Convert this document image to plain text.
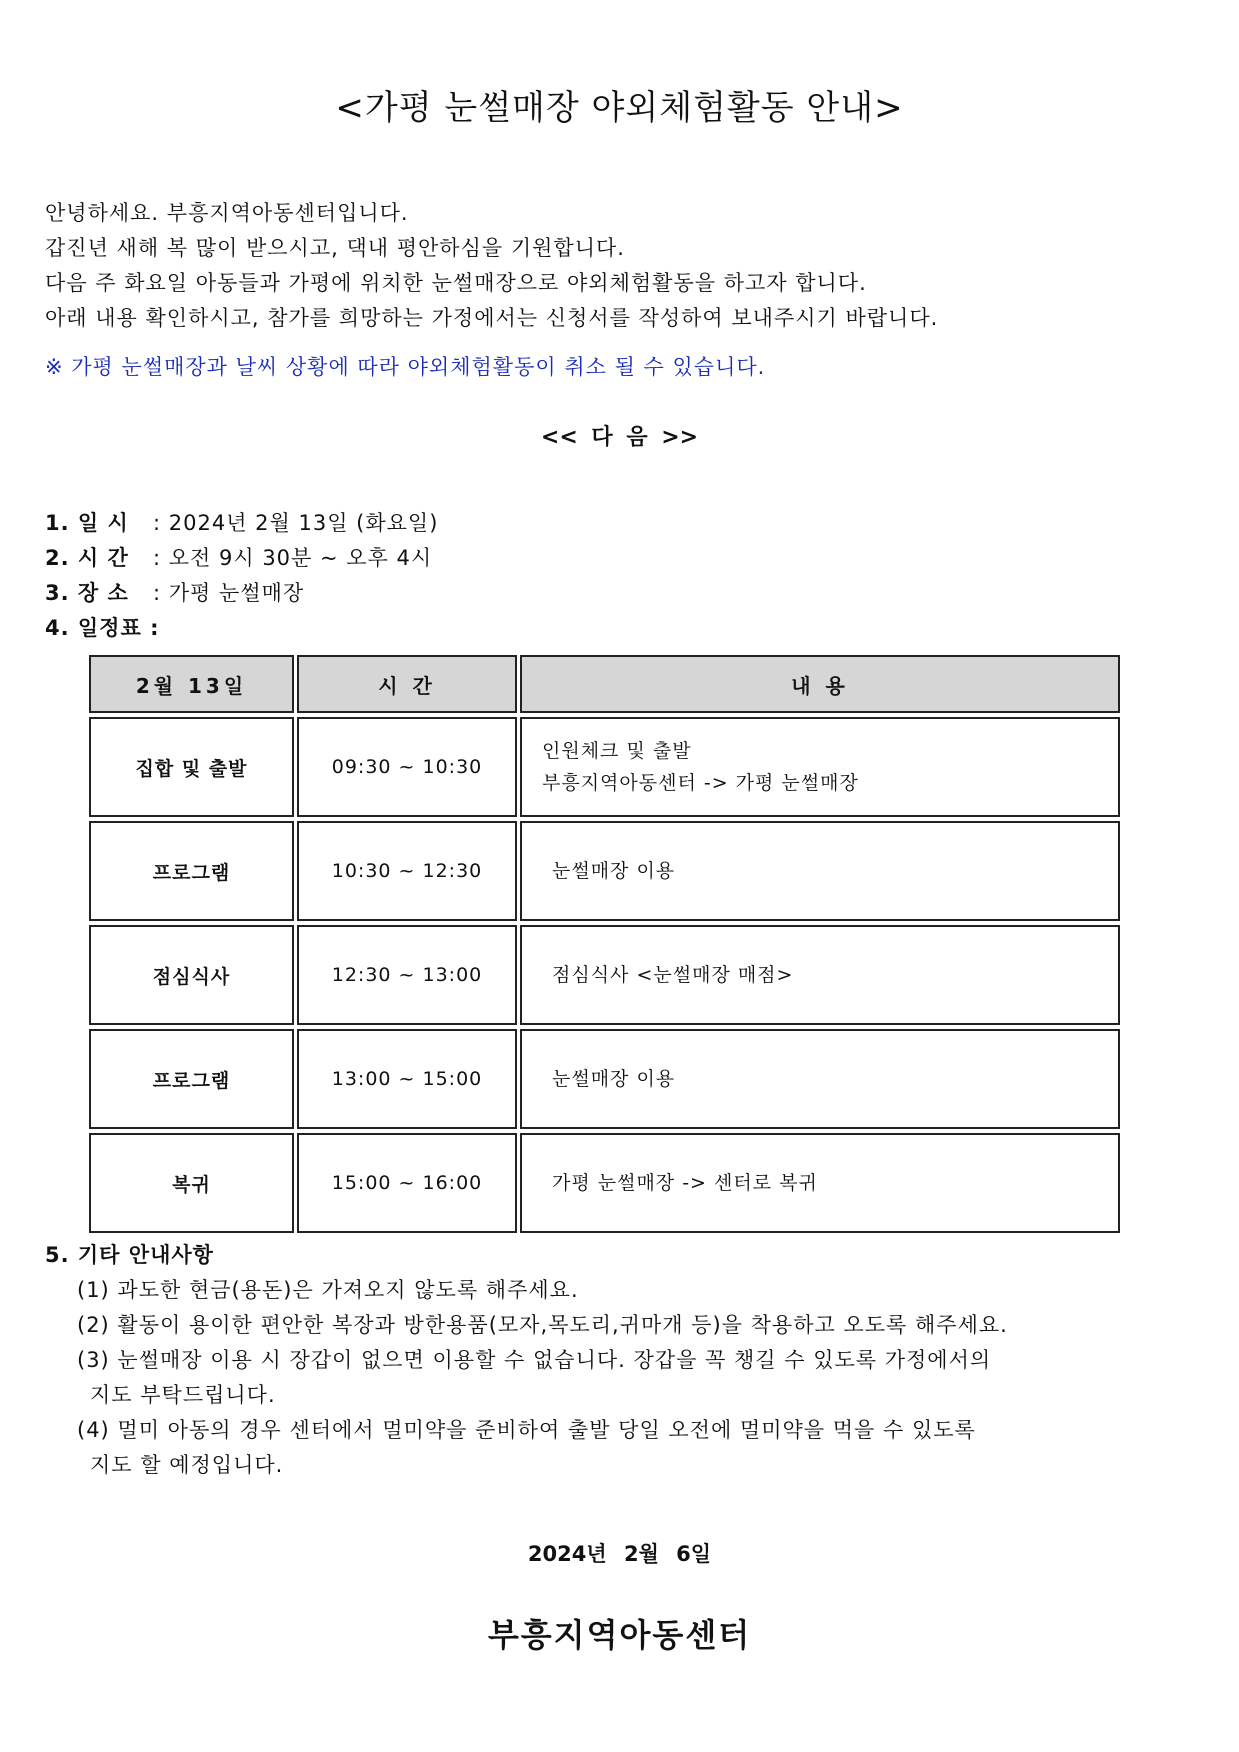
<가평 눈썰매장 야외체험활동 안내>
안녕하세요. 부흥지역아동센터입니다.
갑진년 새해 복 많이 받으시고, 댁내 평안하심을 기원합니다.
다음 주 화요일 아동들과 가평에 위치한 눈썰매장으로 야외체험활동을 하고자 합니다.
아래 내용 확인하시고, 참가를 희망하는 가정에서는 신청서를 작성하여 보내주시기 바랍니다.
※ 가평 눈썰매장과 날씨 상황에 따라 야외체험활동이 취소 될 수 있습니다.
<< 다 음 >>
1. 일 시 : 2024년 2월 13일 (화요일)
2. 시 간 : 오전 9시 30분 ~ 오후 4시
3. 장 소 : 가평 눈썰매장
4. 일정표 :
2월 13일	시 간	내 용

집합 및 출발	09:30 ~ 10:30	인원체크 및 출발
부흥지역아동센터 -> 가평 눈썰매장

프로그램	10:30 ~ 12:30	눈썰매장 이용

점심식사	12:30 ~ 13:00	점심식사 <눈썰매장 매점>

프로그램	13:00 ~ 15:00	눈썰매장 이용

복귀	15:00 ~ 16:00	가평 눈썰매장 -> 센터로 복귀
5. 기타 안내사항
(1) 과도한 현금(용돈)은 가져오지 않도록 해주세요.
(2) 활동이 용이한 편안한 복장과 방한용품(모자,목도리,귀마개 등)을 착용하고 오도록 해주세요.
(3) 눈썰매장 이용 시 장갑이 없으면 이용할 수 없습니다. 장갑을 꼭 챙길 수 있도록 가정에서의
지도 부탁드립니다.
(4) 멀미 아동의 경우 센터에서 멀미약을 준비하여 출발 당일 오전에 멀미약을 먹을 수 있도록
지도 할 예정입니다.
2024년 2월 6일
부흥지역아동센터
